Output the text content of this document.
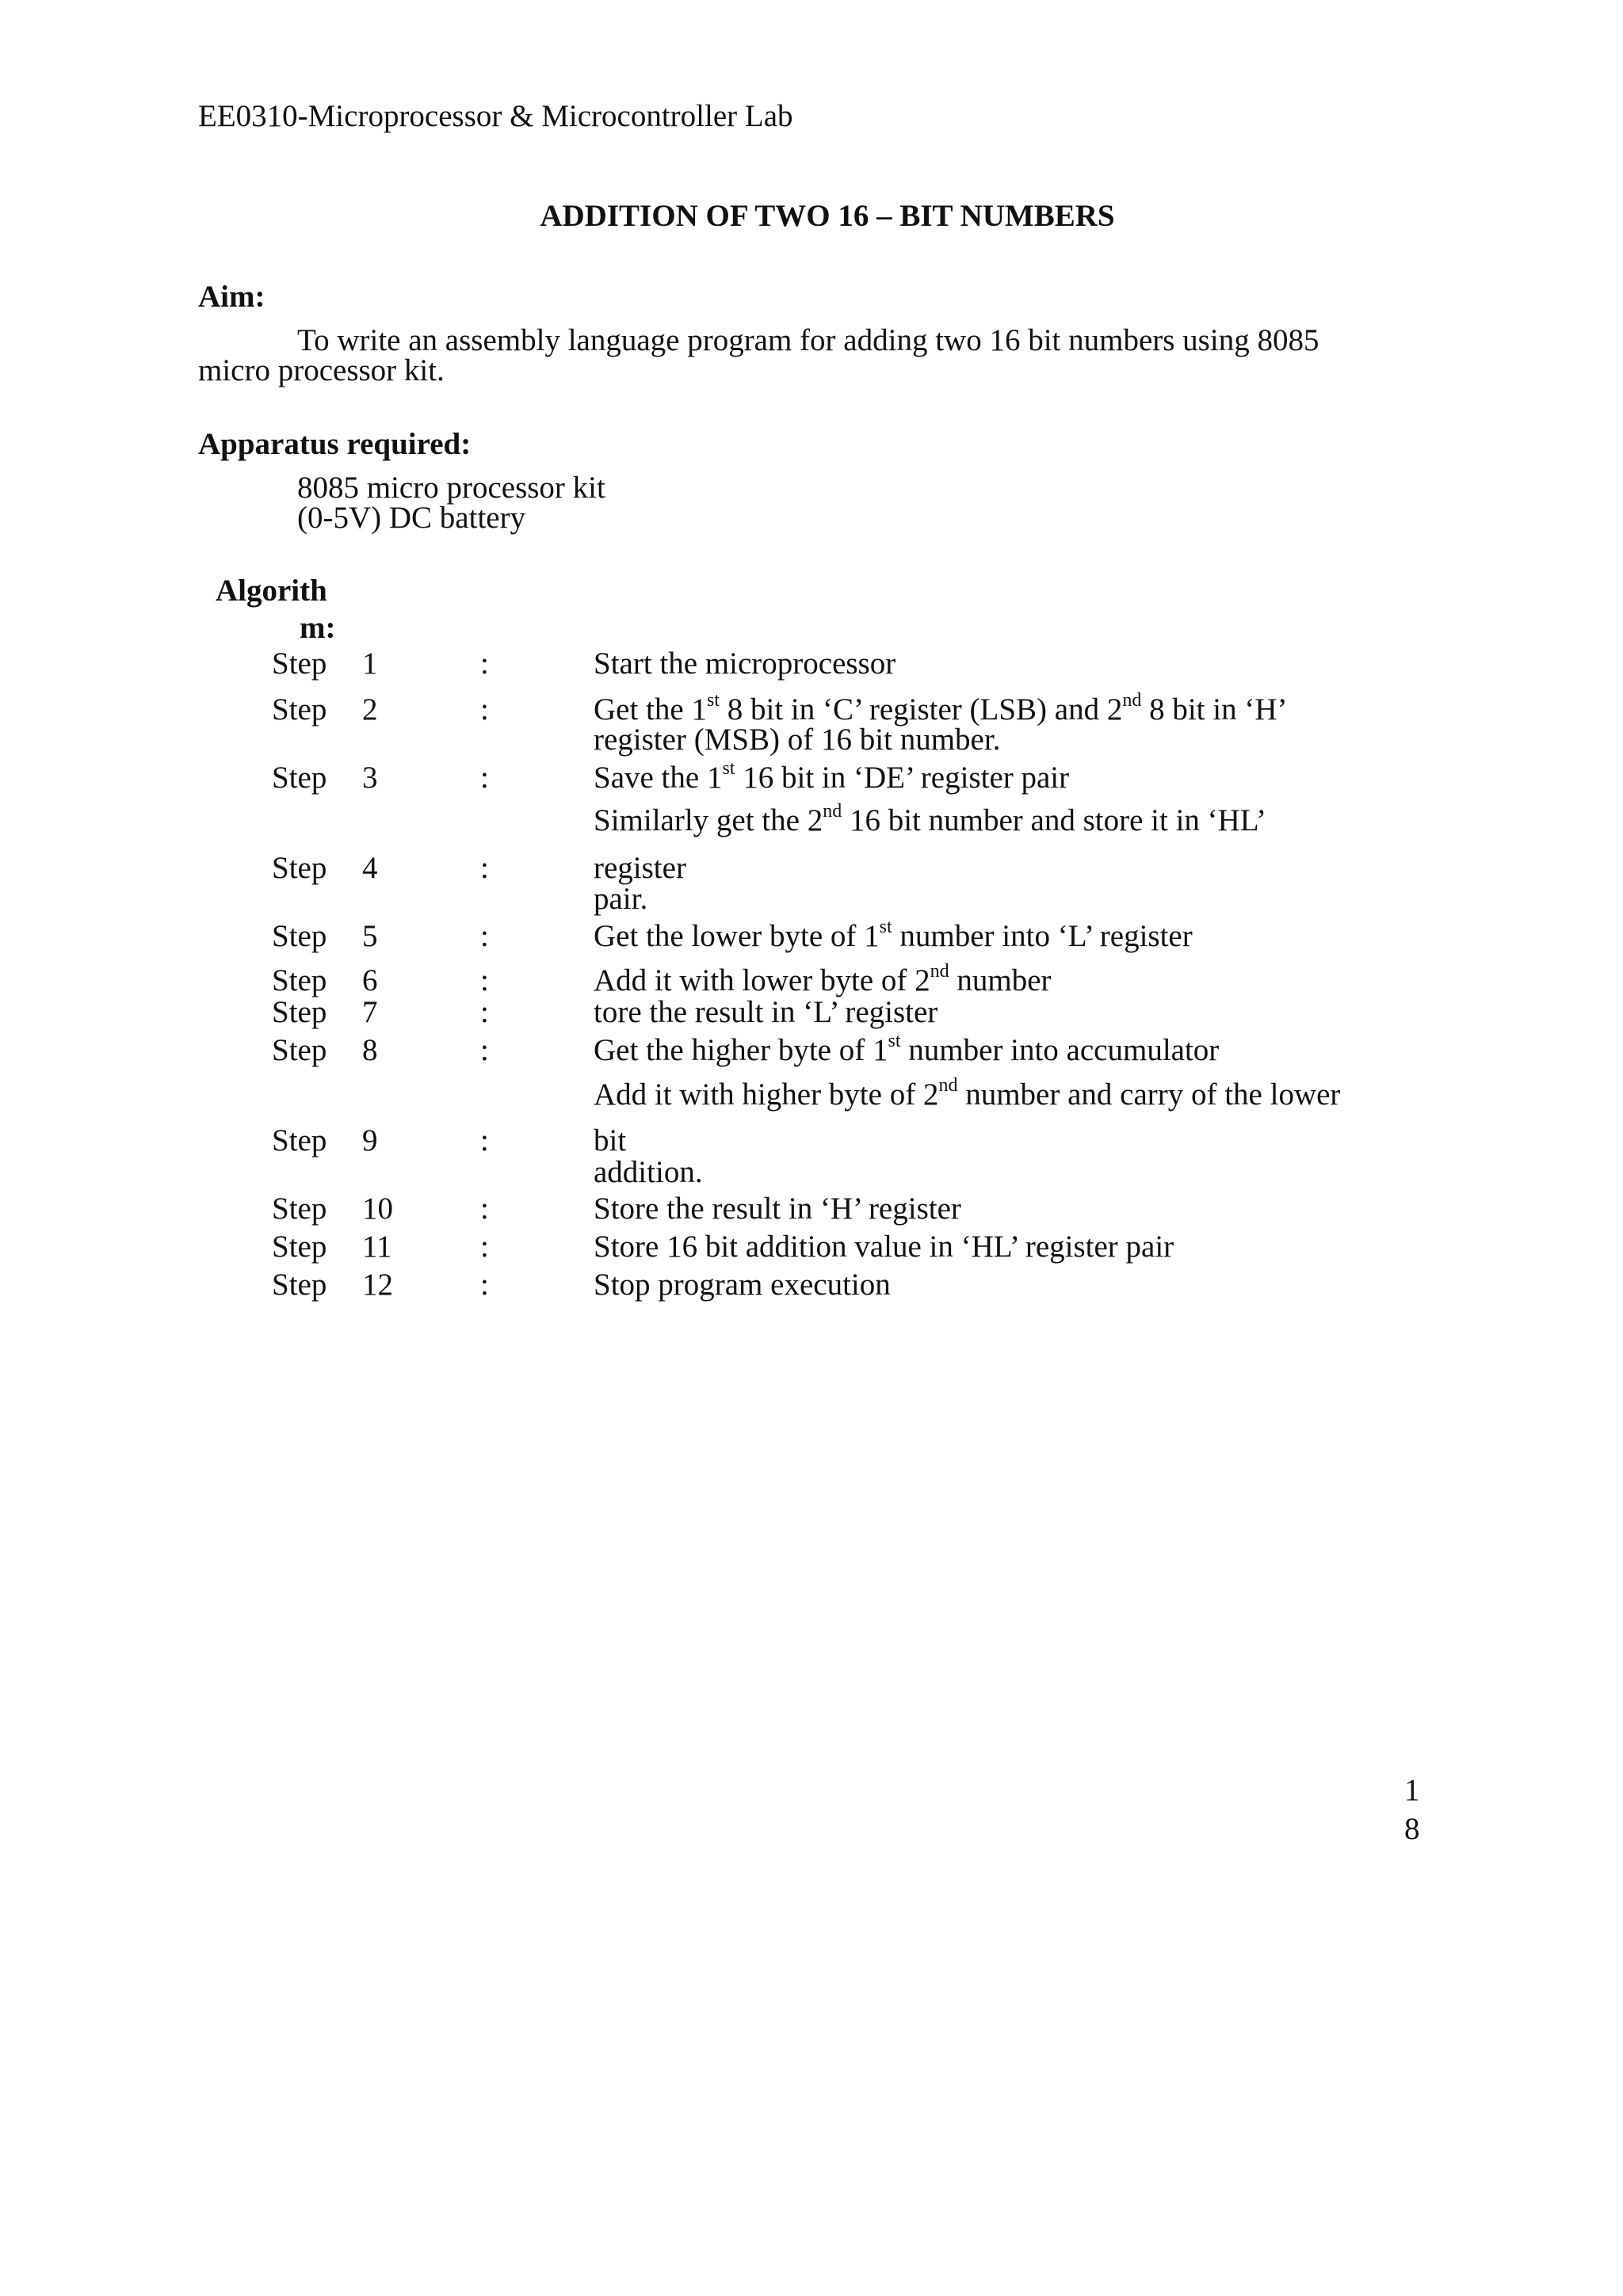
EE0310-Microprocessor & Microcontroller Lab
ADDITION OF TWO 16 – BIT NUMBERS
Aim:
To write an assembly language program for adding two 16 bit numbers using 8085
micro processor kit.
Apparatus required:
8085 micro processor kit
(0-5V) DC battery
Algorith
m:
Step 1	:	Start the microprocessor
Step 2	:	Get the 1st 8 bit in ‘C’ register (LSB) and 2nd 8 bit in ‘H’
register (MSB) of 16 bit number.
Step 3	:	Save the 1st 16 bit in ‘DE’ register pair
Similarly get the 2nd 16 bit number and store it in ‘HL’
Step 4	:	register
pair.
Step 5	:	Get the lower byte of 1st number into ‘L’ register
Step 6	:	Add it with lower byte of 2nd number
Step 7	:	tore the result in ‘L’ register
Step 8	:	Get the higher byte of 1st number into accumulator
Add it with higher byte of 2nd number and carry of the lower
Step 9	:	bit
addition.
Step 10	:	Store the result in ‘H’ register
Step 11	:	Store 16 bit addition value in ‘HL’ register pair
Step 12	:	Stop program execution
1
8
